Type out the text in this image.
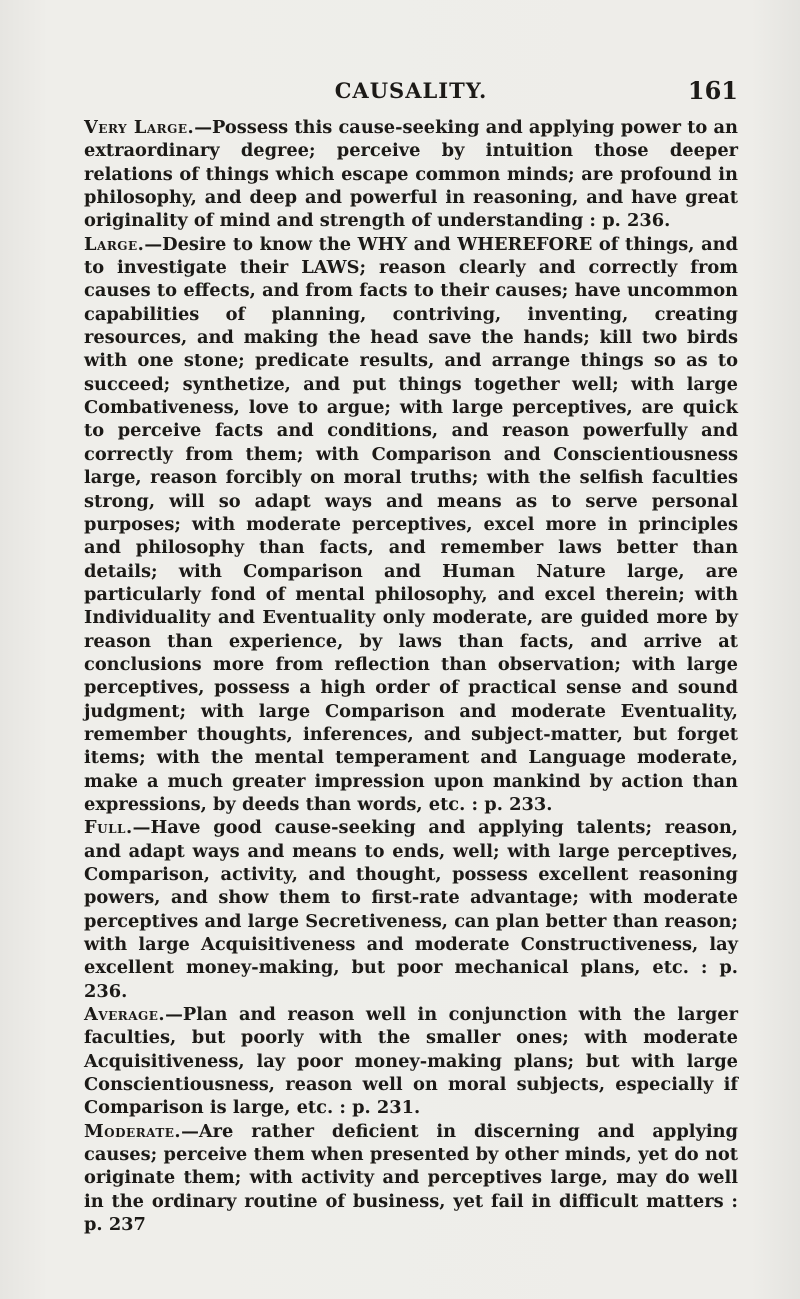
CAUSALITY.	161

Very Large.—Possess this cause-seeking and applying power to an extraordinary degree; perceive by intuition those deeper relations of things which escape common minds; are profound in philosophy, and deep and powerful in reasoning, and have great originality of mind and strength of understanding : p. 236.

Large.—Desire to know the WHY and WHEREFORE of things, and to investigate their LAWS; reason clearly and correctly from causes to effects, and from facts to their causes; have uncommon capabilities of planning, contriving, inventing, creating resources, and making the head save the hands; kill two birds with one stone; predicate results, and arrange things so as to succeed; synthetize, and put things together well; with large Combativeness, love to argue; with large perceptives, are quick to perceive facts and conditions, and reason powerfully and correctly from them; with Comparison and Conscientiousness large, reason forcibly on moral truths; with the selfish faculties strong, will so adapt ways and means as to serve personal purposes; with moderate perceptives, excel more in principles and philosophy than facts, and remember laws better than details; with Comparison and Human Nature large, are particularly fond of mental philosophy, and excel therein; with Individuality and Eventuality only moderate, are guided more by reason than experience, by laws than facts, and arrive at conclusions more from reflection than observation; with large perceptives, possess a high order of practical sense and sound judgment; with large Comparison and moderate Eventuality, remember thoughts, inferences, and subject-matter, but forget items; with the mental temperament and Language moderate, make a much greater impression upon mankind by action than expressions, by deeds than words, etc. : p. 233.

Full.—Have good cause-seeking and applying talents; reason, and adapt ways and means to ends, well; with large perceptives, Comparison, activity, and thought, possess excellent reasoning powers, and show them to first-rate advantage; with moderate perceptives and large Secretiveness, can plan better than reason; with large Acquisitiveness and moderate Constructiveness, lay excellent money-making, but poor mechanical plans, etc. : p. 236.

Average.—Plan and reason well in conjunction with the larger faculties, but poorly with the smaller ones; with moderate Acquisitiveness, lay poor money-making plans; but with large Conscientiousness, reason well on moral subjects, especially if Comparison is large, etc. : p. 231.

Moderate.—Are rather deficient in discerning and applying causes; perceive them when presented by other minds, yet do not originate them; with activity and perceptives large, may do well in the ordinary routine of business, yet fail in difficult matters : p. 237
